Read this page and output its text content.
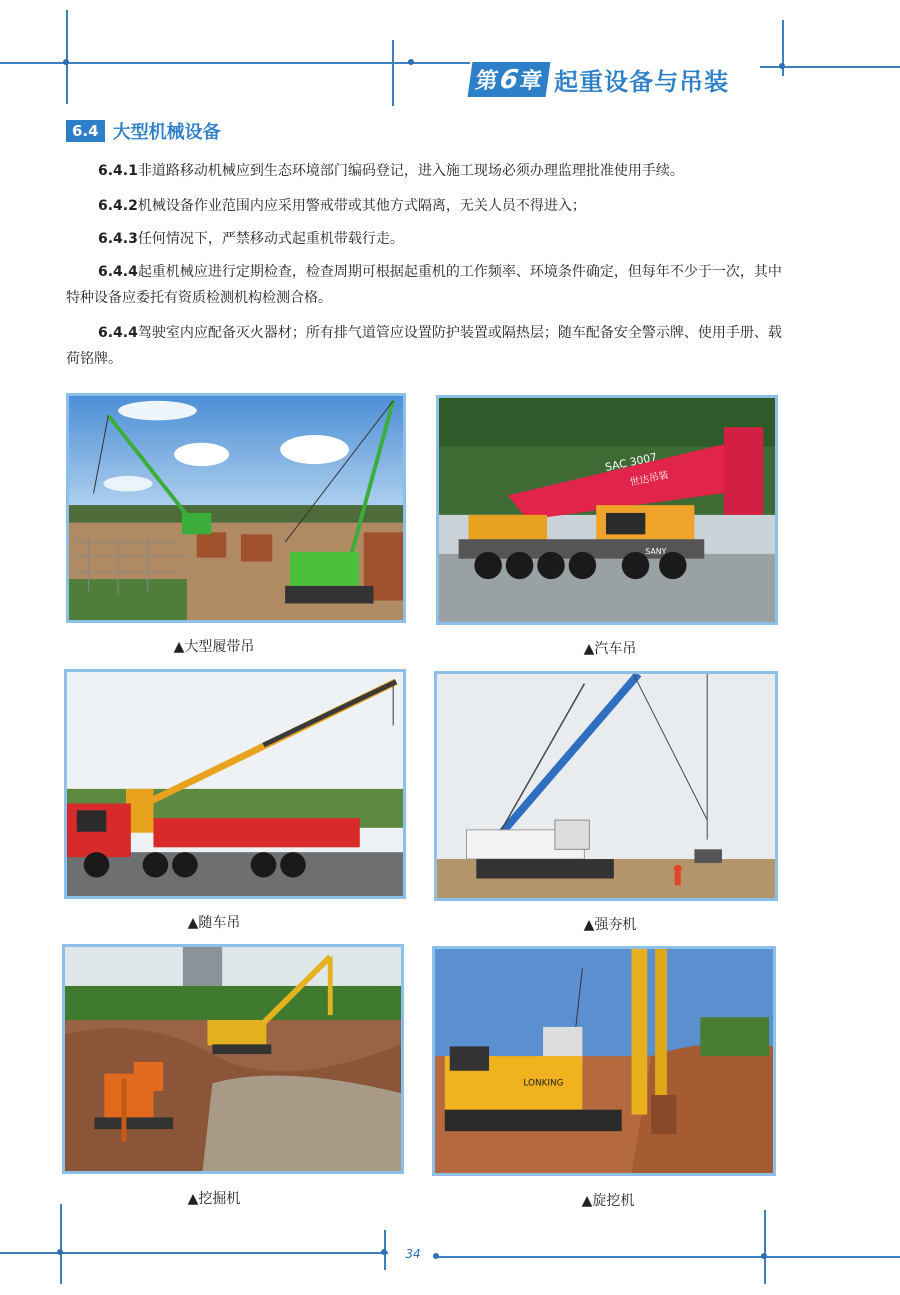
第
6
章 起重设备与吊装
6.4 大型机械设备
6.4.1非道路移动机械应到生态环境部门编码登记，进入施工现场必须办理监理批准使用手续。
6.4.2机械设备作业范围内应采用警戒带或其他方式隔离，无关人员不得进入；
6.4.3任何情况下，严禁移动式起重机带载行走。
6.4.4起重机械应进行定期检查，检查周期可根据起重机的工作频率、环境条件确定，但每年不少于一次，其中特种设备应委托有资质检测机构检测合格。
6.4.4驾驶室内应配备灭火器材；所有排气道管应设置防护装置或隔热层；随车配备安全警示牌、使用手册、载荷铭牌。
▲大型履带吊
SAC 3007
世达吊装
SANY
▲汽车吊
▲随车吊	▲强夯机
▲挖掘机
LONKING
▲旋挖机
34
